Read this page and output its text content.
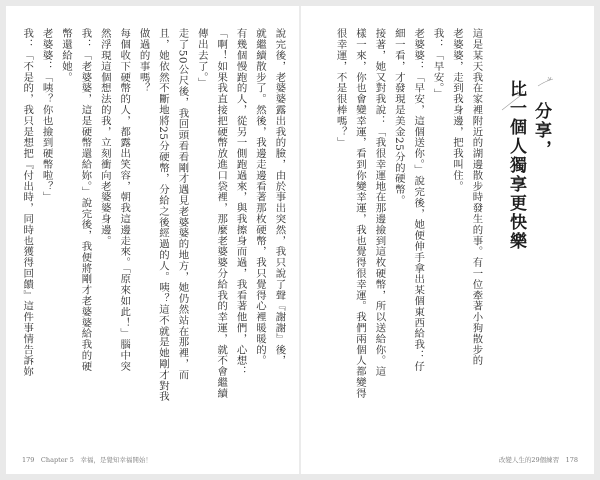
說完後，老婆婆露出我的臉，由於事出突然，我只說了聲『謝謝』後，
就繼續散步了。然後，我邊走邊看著那枚硬幣，我只覺得心裡暖暖的。
有幾個慢跑的人，從另一側跑過來，與我擦身而過，我看著他們，心想：
「啊！如果我直接把硬幣放進口袋裡，那麼老婆婆分給我的幸運，就不會繼續
傳出去了。」
走了50公尺後，我回頭看看剛才遇見老婆婆的地方，她仍然站在那裡，而
且，她依然不斷地將25分硬幣，分給之後經過的人。咦？這不就是她剛才對我
做過的事嗎？
每個收下硬幣的人，都露出笑容，朝我這邊走來。「原來如此！」腦中突
然浮現這個想法的我，立刻衝向老婆婆身邊。
我：「老婆婆，這是硬幣還給妳。」說完後，我便將剛才老婆婆給我的硬
幣還給她。
老婆婆：「咦？你也撿到硬幣啦？」
我：「不是的，我只是想把『付出時，同時也獲得回饋』這件事情告訴妳
179　Chapter 5　幸福，是覺知幸福開始！
分享，
比一個人獨享更快樂
這是某天我在家裡附近的湖邊散步時發生的事。有一位牽著小狗散步的
老婆婆，走到我身邊，把我叫住。
我：「早安。」
老婆婆：「早安，這個送你。」說完後，她便伸手拿出某個東西給我：仔
細一看，才發現是美金25分的硬幣。
接著，她又對我說：「我很幸運地在那邊撿到這枚硬幣，所以送給你。這
樣一來，你也會變幸運，看到你變幸運，我也覺得很幸運。我們兩個人都變得
很幸運，不是很棒嗎？」
改變人生的29個練習　178
